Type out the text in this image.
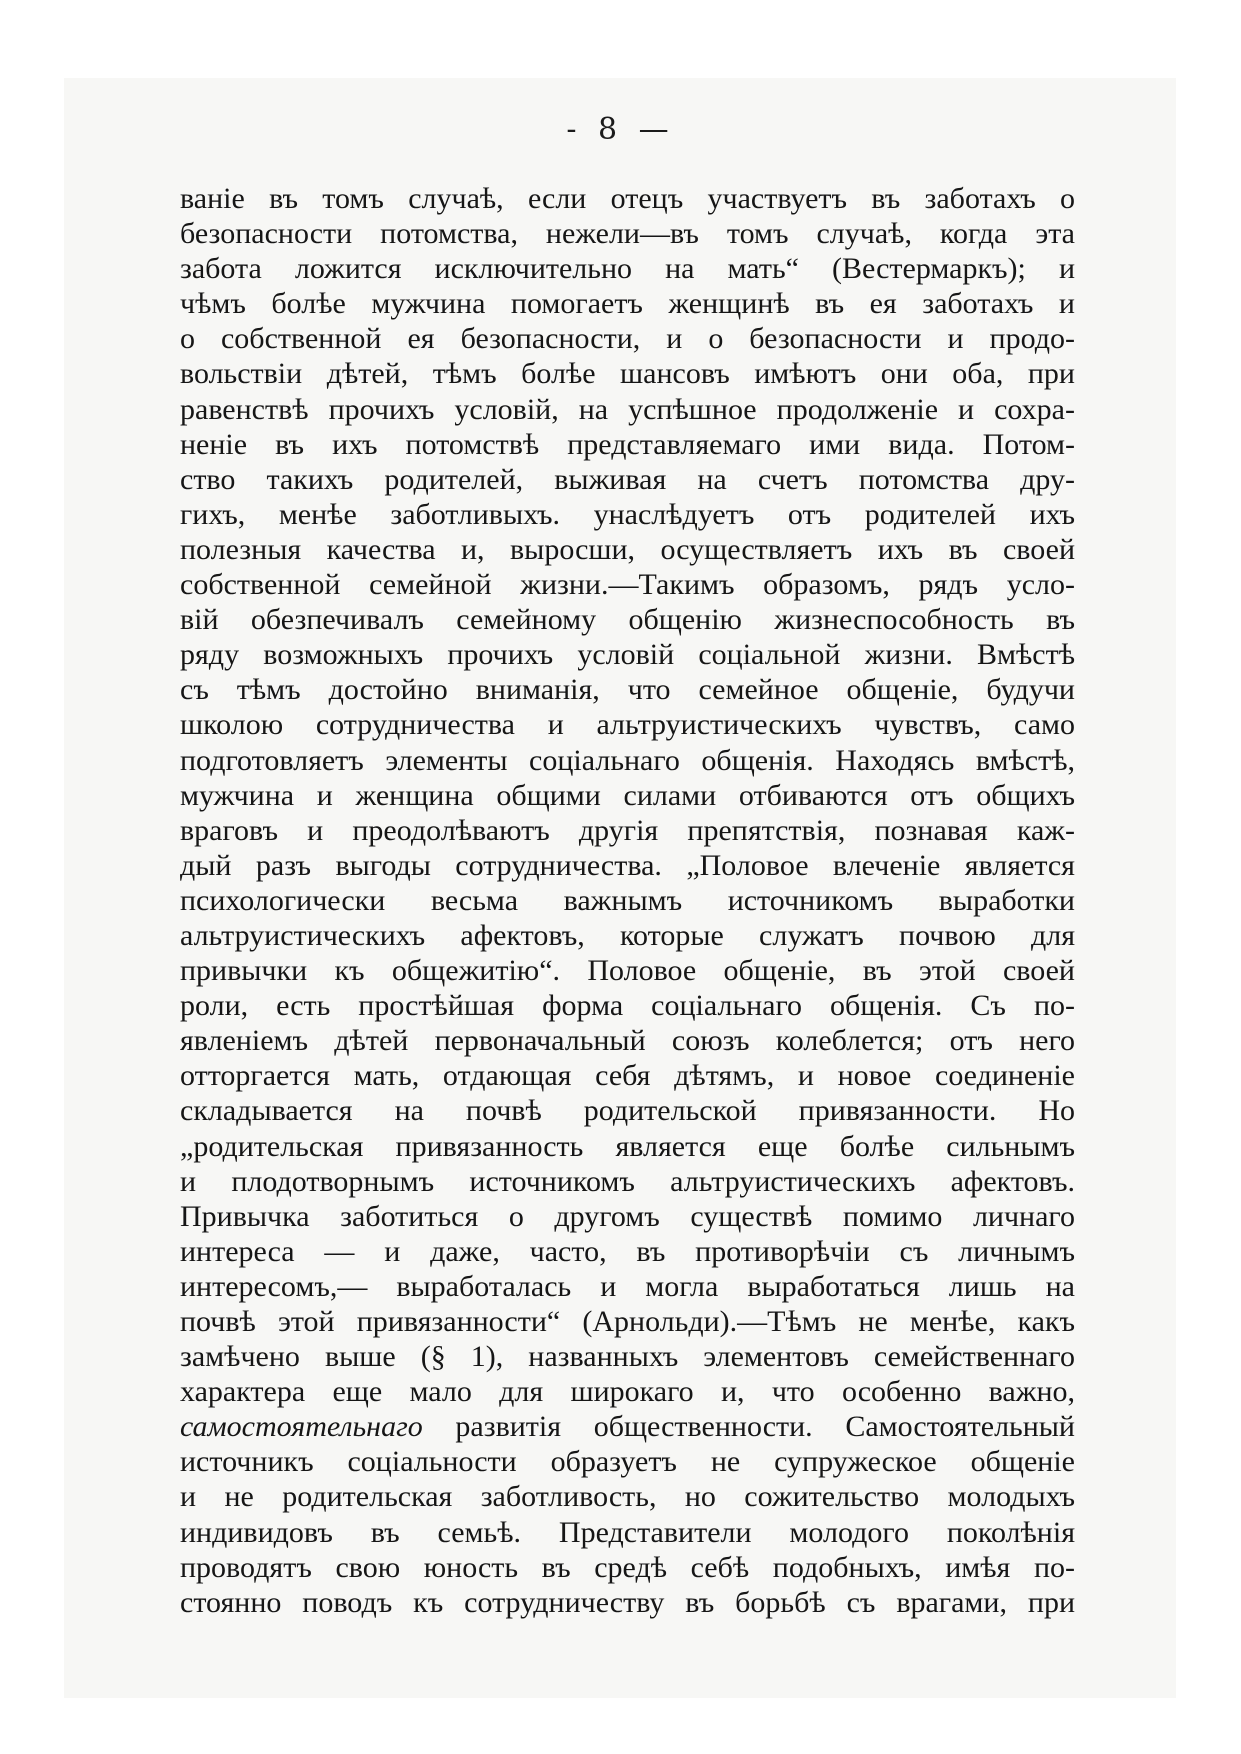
- 8 —
ваніе въ томъ случаѣ, если отецъ участвуетъ въ заботахъ о
безопасности потомства, нежели—въ томъ случаѣ, когда эта
забота ложится исключительно на мать“ (Вестермаркъ); и
чѣмъ болѣе мужчина помогаетъ женщинѣ въ ея заботахъ и
о собственной ея безопасности, и о безопасности и продо-
вольствіи дѣтей, тѣмъ болѣе шансовъ имѣютъ они оба, при
равенствѣ прочихъ условій, на успѣшное продолженіе и сохра-
неніе въ ихъ потомствѣ представляемаго ими вида. Потом-
ство такихъ родителей, выживая на счетъ потомства дру-
гихъ, менѣе заботливыхъ. унаслѣдуетъ отъ родителей ихъ
полезныя качества и, выросши, осуществляетъ ихъ въ своей
собственной семейной жизни.—Такимъ образомъ, рядъ усло-
вій обезпечивалъ семейному общенію жизнеспособность въ
ряду возможныхъ прочихъ условій соціальной жизни. Вмѣстѣ
съ тѣмъ достойно вниманія, что семейное общеніе, будучи
школою сотрудничества и альтруистическихъ чувствъ, само
подготовляетъ элементы соціальнаго общенія. Находясь вмѣстѣ,
мужчина и женщина общими силами отбиваются отъ общихъ
враговъ и преодолѣваютъ другія препятствія, познавая каж-
дый разъ выгоды сотрудничества. „Половое влеченіе является
психологически весьма важнымъ источникомъ выработки
альтруистическихъ афектовъ, которые служатъ почвою для
привычки къ общежитію“. Половое общеніе, въ этой своей
роли, есть простѣйшая форма соціальнаго общенія. Съ по-
явленіемъ дѣтей первоначальный союзъ колеблется; отъ него
отторгается мать, отдающая себя дѣтямъ, и новое соединеніе
складывается на почвѣ родительской привязанности. Но
„родительская привязанность является еще болѣе сильнымъ
и плодотворнымъ источникомъ альтруистическихъ афектовъ.
Привычка заботиться о другомъ существѣ помимо личнаго
интереса — и даже, часто, въ противорѣчіи съ личнымъ
интересомъ,— выработалась и могла выработаться лишь на
почвѣ этой привязанности“ (Арнольди).—Тѣмъ не менѣе, какъ
замѣчено выше (§ 1), названныхъ элементовъ семейственнаго
характера еще мало для широкаго и, что особенно важно,
самостоятельнаго развитія общественности. Самостоятельный
источникъ соціальности образуетъ не супружеское общеніе
и не родительская заботливость, но сожительство молодыхъ
индивидовъ въ семьѣ. Представители молодого поколѣнія
проводятъ свою юность въ средѣ себѣ подобныхъ, имѣя по-
стоянно поводъ къ сотрудничеству въ борьбѣ съ врагами, при
